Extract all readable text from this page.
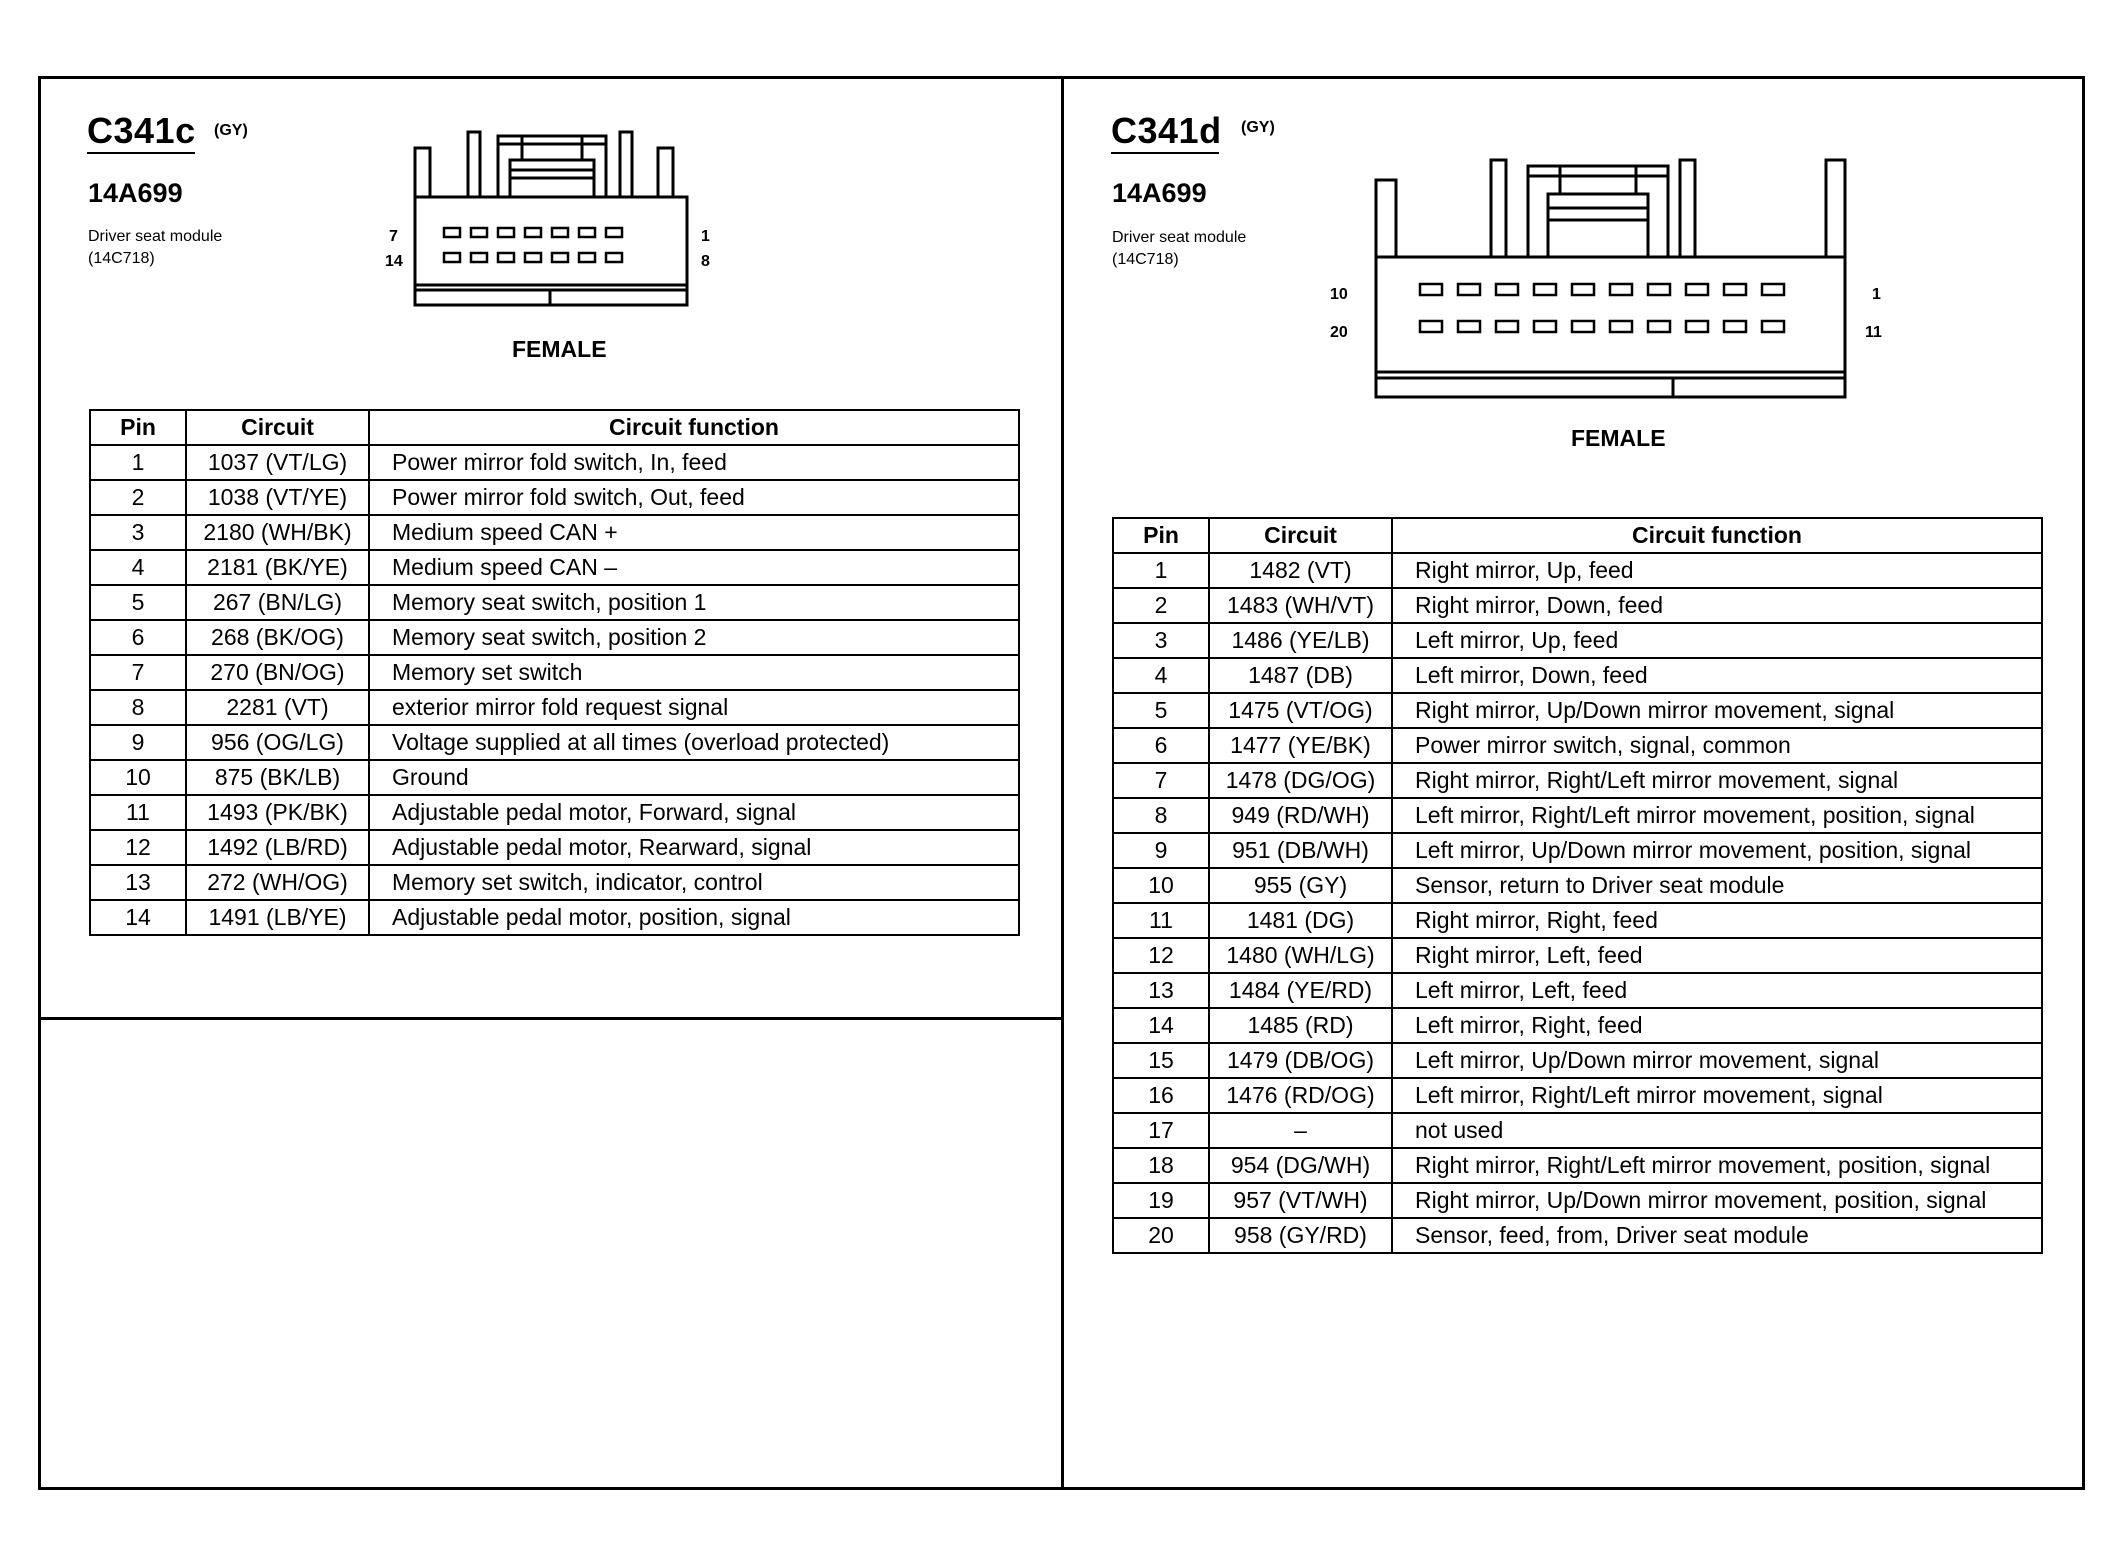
C341c (GY)
14A699
Driver seat module
(14C718)
7
14
1
8
FEMALE
Pin	Circuit	Circuit function
1	1037 (VT/LG)	Power mirror fold switch, In, feed
2	1038 (VT/YE)	Power mirror fold switch, Out, feed
3	2180 (WH/BK)	Medium speed CAN +
4	2181 (BK/YE)	Medium speed CAN –
5	267 (BN/LG)	Memory seat switch, position 1
6	268 (BK/OG)	Memory seat switch, position 2
7	270 (BN/OG)	Memory set switch
8	2281 (VT)	exterior mirror fold request signal
9	956 (OG/LG)	Voltage supplied at all times (overload protected)
10	875 (BK/LB)	Ground
11	1493 (PK/BK)	Adjustable pedal motor, Forward, signal
12	1492 (LB/RD)	Adjustable pedal motor, Rearward, signal
13	272 (WH/OG)	Memory set switch, indicator, control
14	1491 (LB/YE)	Adjustable pedal motor, position, signal
C341d (GY)
14A699
Driver seat module
(14C718)
10
20
1
11
FEMALE
Pin	Circuit	Circuit function
1	1482 (VT)	Right mirror, Up, feed
2	1483 (WH/VT)	Right mirror, Down, feed
3	1486 (YE/LB)	Left mirror, Up, feed
4	1487 (DB)	Left mirror, Down, feed
5	1475 (VT/OG)	Right mirror, Up/Down mirror movement, signal
6	1477 (YE/BK)	Power mirror switch, signal, common
7	1478 (DG/OG)	Right mirror, Right/Left mirror movement, signal
8	949 (RD/WH)	Left mirror, Right/Left mirror movement, position, signal
9	951 (DB/WH)	Left mirror, Up/Down mirror movement, position, signal
10	955 (GY)	Sensor, return to Driver seat module
11	1481 (DG)	Right mirror, Right, feed
12	1480 (WH/LG)	Right mirror, Left, feed
13	1484 (YE/RD)	Left mirror, Left, feed
14	1485 (RD)	Left mirror, Right, feed
15	1479 (DB/OG)	Left mirror, Up/Down mirror movement, signal
16	1476 (RD/OG)	Left mirror, Right/Left mirror movement, signal
17	–	not used
18	954 (DG/WH)	Right mirror, Right/Left mirror movement, position, signal
19	957 (VT/WH)	Right mirror, Up/Down mirror movement, position, signal
20	958 (GY/RD)	Sensor, feed, from, Driver seat module
